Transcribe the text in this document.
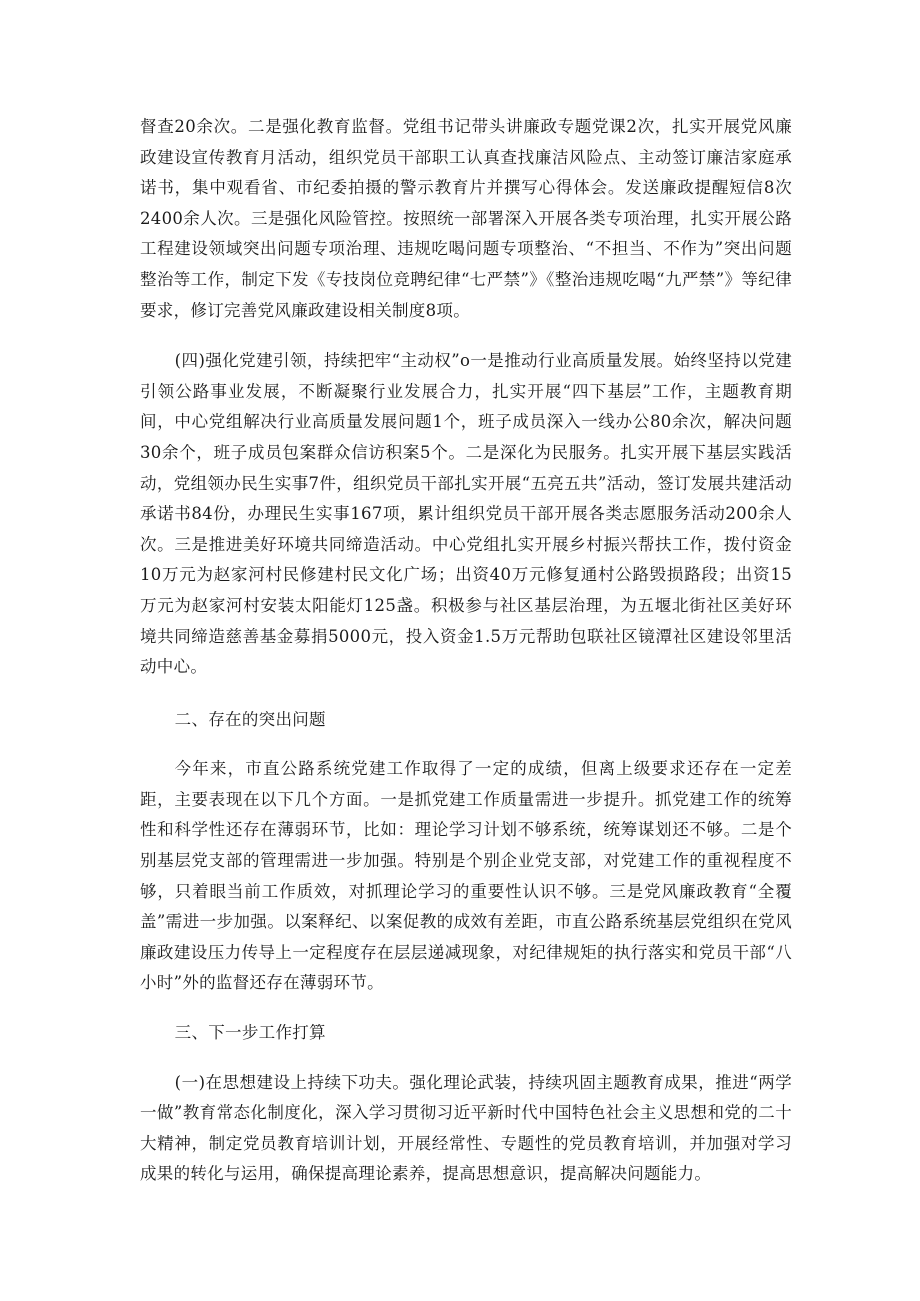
督查20余次。二是强化教育监督。党组书记带头讲廉政专题党课2次，扎实开展党风廉政建设宣传教育月活动，组织党员干部职工认真查找廉洁风险点、主动签订廉洁家庭承诺书，集中观看省、市纪委拍摄的警示教育片并撰写心得体会。发送廉政提醒短信8次2400余人次。三是强化风险管控。按照统一部署深入开展各类专项治理，扎实开展公路工程建设领域突出问题专项治理、违规吃喝问题专项整治、“不担当、不作为”突出问题整治等工作，制定下发《专技岗位竞聘纪律“七严禁”》《整治违规吃喝“九严禁”》等纪律要求，修订完善党风廉政建设相关制度8项。

(四)强化党建引领，持续把牢“主动权”o一是推动行业高质量发展。始终坚持以党建引领公路事业发展，不断凝聚行业发展合力，扎实开展“四下基层”工作，主题教育期间，中心党组解决行业高质量发展问题1个，班子成员深入一线办公80余次，解决问题30余个，班子成员包案群众信访积案5个。二是深化为民服务。扎实开展下基层实践活动，党组领办民生实事7件，组织党员干部扎实开展“五亮五共”活动，签订发展共建活动承诺书84份，办理民生实事167项，累计组织党员干部开展各类志愿服务活动200余人次。三是推进美好环境共同缔造活动。中心党组扎实开展乡村振兴帮扶工作，拨付资金10万元为赵家河村民修建村民文化广场；出资40万元修复通村公路毁损路段；出资15万元为赵家河村安装太阳能灯125盏。积极参与社区基层治理，为五堰北街社区美好环境共同缔造慈善基金募捐5000元，投入资金1.5万元帮助包联社区镜潭社区建设邻里活动中心。

二、存在的突出问题

今年来，市直公路系统党建工作取得了一定的成绩，但离上级要求还存在一定差距，主要表现在以下几个方面。一是抓党建工作质量需进一步提升。抓党建工作的统筹性和科学性还存在薄弱环节，比如：理论学习计划不够系统，统筹谋划还不够。二是个别基层党支部的管理需进一步加强。特别是个别企业党支部，对党建工作的重视程度不够，只着眼当前工作质效，对抓理论学习的重要性认识不够。三是党风廉政教育“全覆盖”需进一步加强。以案释纪、以案促教的成效有差距，市直公路系统基层党组织在党风廉政建设压力传导上一定程度存在层层递减现象，对纪律规矩的执行落实和党员干部“八小时”外的监督还存在薄弱环节。

三、下一步工作打算

(一)在思想建设上持续下功夫。强化理论武装，持续巩固主题教育成果，推进“两学一做”教育常态化制度化，深入学习贯彻习近平新时代中国特色社会主义思想和党的二十大精神，制定党员教育培训计划，开展经常性、专题性的党员教育培训，并加强对学习成果的转化与运用，确保提高理论素养，提高思想意识，提高解决问题能力。
